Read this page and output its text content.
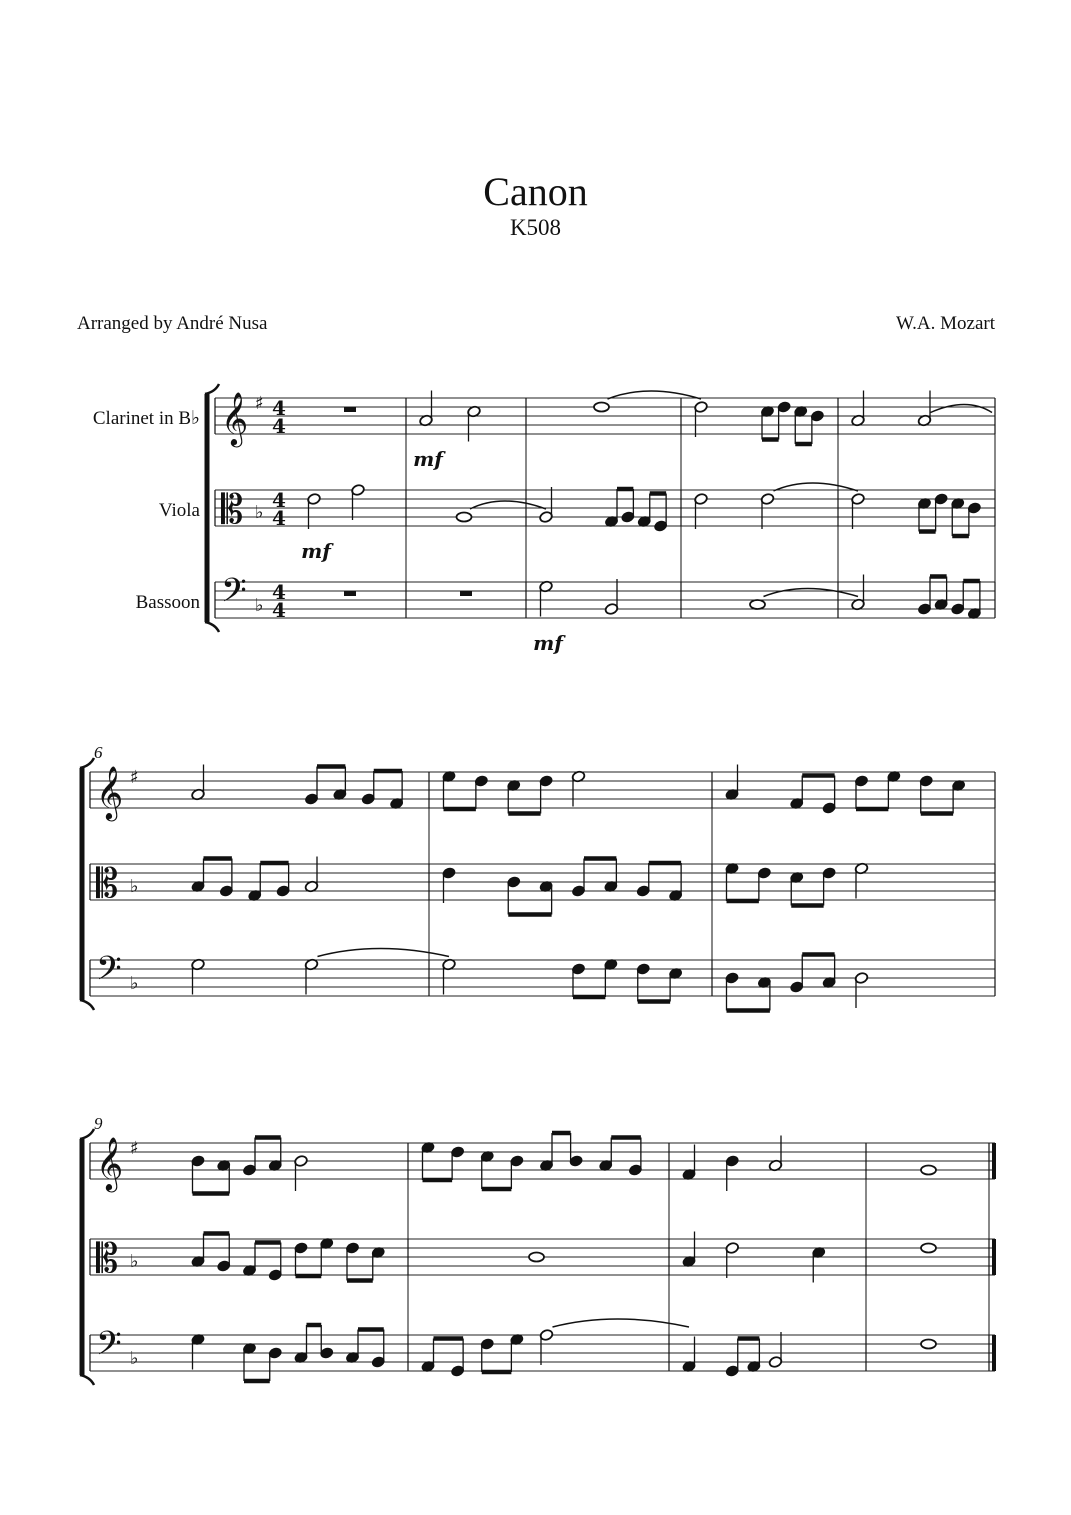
Canon
K508
Arranged by André Nusa	W.A. Mozart
𝄞 ♯ 4
4
Clarinet in B♭
𝄡 ♭
4
4
Viola
𝄢 ♭
4
4
Bassoon
mf
mf
mf
6
𝄞 ♯
𝄡 ♭
𝄢 ♭
9
𝄞 ♯
𝄡 ♭
𝄢 ♭
